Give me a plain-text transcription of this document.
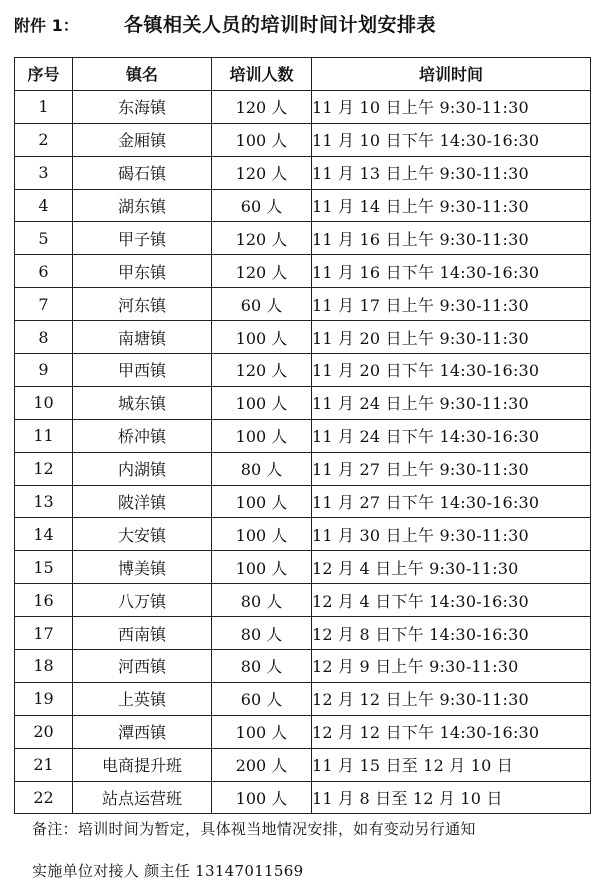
附件 1： 各镇相关人员的培训时间计划安排表
序号	镇名	培训人数	培训时间
1	东海镇	120 人	11 月 10 日上午 9:30-11:30
2	金厢镇	100 人	11 月 10 日下午 14:30-16:30
3	碣石镇	120 人	11 月 13 日上午 9:30-11:30
4	湖东镇	60 人	11 月 14 日上午 9:30-11:30
5	甲子镇	120 人	11 月 16 日上午 9:30-11:30
6	甲东镇	120 人	11 月 16 日下午 14:30-16:30
7	河东镇	60 人	11 月 17 日上午 9:30-11:30
8	南塘镇	100 人	11 月 20 日上午 9:30-11:30
9	甲西镇	120 人	11 月 20 日下午 14:30-16:30
10	城东镇	100 人	11 月 24 日上午 9:30-11:30
11	桥冲镇	100 人	11 月 24 日下午 14:30-16:30
12	内湖镇	80 人	11 月 27 日上午 9:30-11:30
13	陂洋镇	100 人	11 月 27 日下午 14:30-16:30
14	大安镇	100 人	11 月 30 日上午 9:30-11:30
15	博美镇	100 人	12 月 4 日上午 9:30-11:30
16	八万镇	80 人	12 月 4 日下午 14:30-16:30
17	西南镇	80 人	12 月 8 日下午 14:30-16:30
18	河西镇	80 人	12 月 9 日上午 9:30-11:30
19	上英镇	60 人	12 月 12 日上午 9:30-11:30
20	潭西镇	100 人	12 月 12 日下午 14:30-16:30
21	电商提升班	200 人	11 月 15 日至 12 月 10 日
22	站点运营班	100 人	11 月 8 日至 12 月 10 日
备注：培训时间为暂定，具体视当地情况安排，如有变动另行通知
实施单位对接人 颜主任 13147011569
